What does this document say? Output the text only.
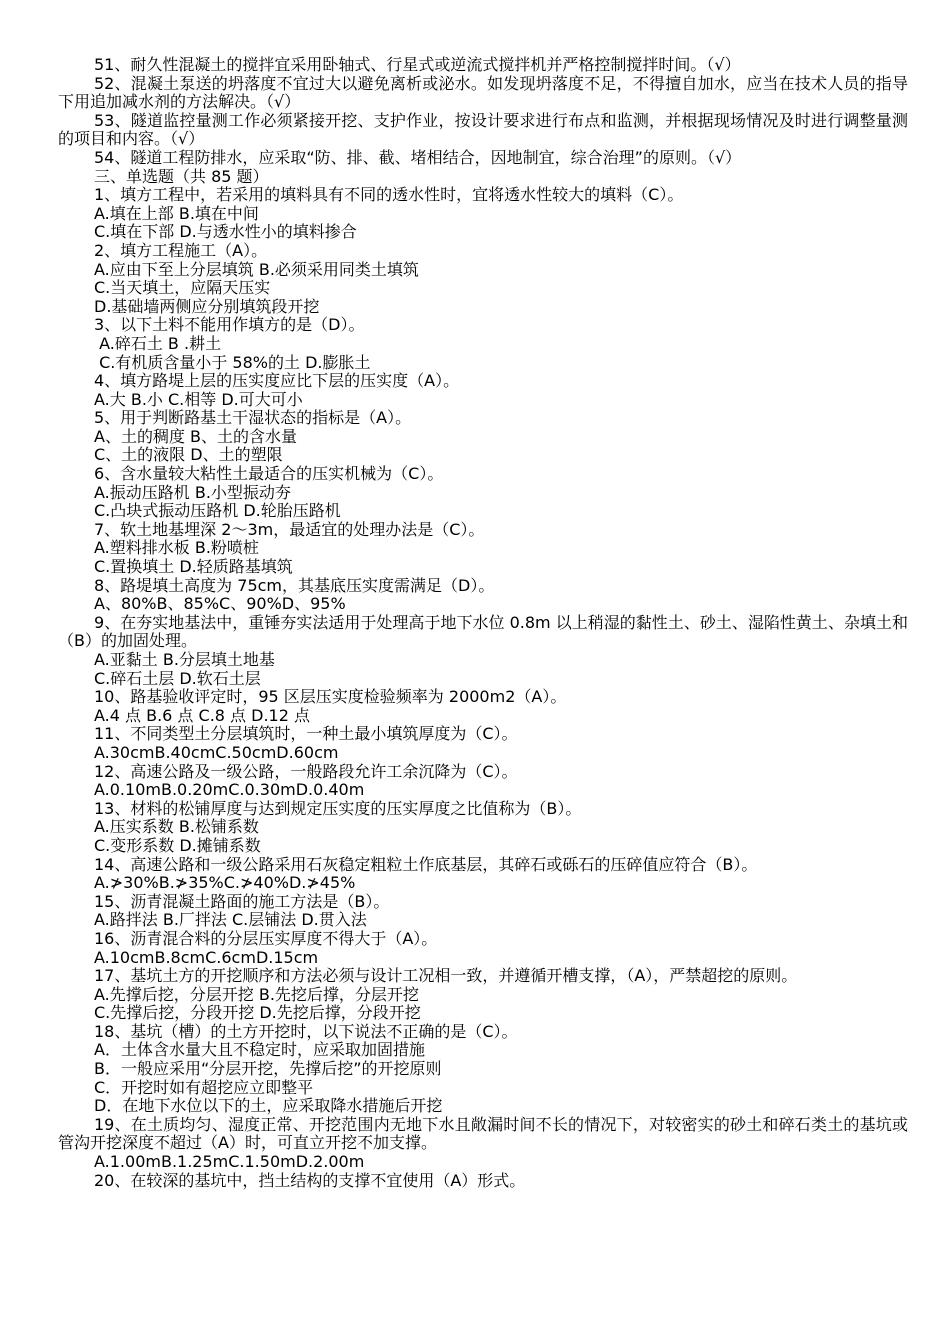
51、耐久性混凝土的搅拌宜采用卧轴式、行星式或逆流式搅拌机并严格控制搅拌时间。（√）
52、混凝土泵送的坍落度不宜过大以避免离析或泌水。如发现坍落度不足，不得擅自加水，应当在技术人员的指导下用追加减水剂的方法解决。（√）
53、隧道监控量测工作必须紧接开挖、支护作业，按设计要求进行布点和监测，并根据现场情况及时进行调整量测的项目和内容。（√）
54、隧道工程防排水，应采取“防、排、截、堵相结合，因地制宜，综合治理”的原则。（√）
三、单选题（共 85 题）
1、填方工程中，若采用的填料具有不同的透水性时，宜将透水性较大的填料（C）。
A.填在上部 B.填在中间
C.填在下部 D.与透水性小的填料掺合
2、填方工程施工（A）。
A.应由下至上分层填筑 B.必须采用同类土填筑
C.当天填土，应隔天压实
D.基础墙两侧应分别填筑段开挖
3、以下土料不能用作填方的是（D）。
A.碎石土 B .耕土
C.有机质含量小于 58%的土 D.膨胀土
4、填方路堤上层的压实度应比下层的压实度（A）。
A.大 B.小 C.相等 D.可大可小
5、用于判断路基土干湿状态的指标是（A）。
A、土的稠度 B、土的含水量
C、土的液限 D、土的塑限
6、含水量较大粘性土最适合的压实机械为（C）。
A.振动压路机 B.小型振动夯
C.凸块式振动压路机 D.轮胎压路机
7、软土地基埋深 2～3m，最适宜的处理办法是（C）。
A.塑料排水板 B.粉喷桩
C.置换填土 D.轻质路基填筑
8、路堤填土高度为 75cm，其基底压实度需满足（D）。
A、80%B、85%C、90%D、95%
9、在夯实地基法中，重锤夯实法适用于处理高于地下水位 0.8m 以上稍湿的黏性土、砂土、湿陷性黄土、杂填土和（B）的加固处理。
A.亚黏土 B.分层填土地基
C.碎石土层 D.软石土层
10、路基验收评定时，95 区层压实度检验频率为 2000m2（A）。
A.4 点 B.6 点 C.8 点 D.12 点
11、不同类型土分层填筑时，一种土最小填筑厚度为（C）。
A.30cmB.40cmC.50cmD.60cm
12、高速公路及一级公路，一般路段允许工余沉降为（C）。
A.0.10mB.0.20mC.0.30mD.0.40m
13、材料的松铺厚度与达到规定压实度的压实厚度之比值称为（B）。
A.压实系数 B.松铺系数
C.变形系数 D.摊铺系数
14、高速公路和一级公路采用石灰稳定粗粒土作底基层，其碎石或砾石的压碎值应符合（B）。
A.≯30%B.≯35%C.≯40%D.≯45%
15、沥青混凝土路面的施工方法是（B）。
A.路拌法 B.厂拌法 C.层铺法 D.贯入法
16、沥青混合料的分层压实厚度不得大于（A）。
A.10cmB.8cmC.6cmD.15cm
17、基坑土方的开挖顺序和方法必须与设计工况相一致，并遵循开槽支撑，（A），严禁超挖的原则。
A.先撑后挖，分层开挖 B.先挖后撑，分层开挖
C.先撑后挖，分段开挖 D.先挖后撑，分段开挖
18、基坑（槽）的土方开挖时，以下说法不正确的是（C）。
A．土体含水量大且不稳定时，应采取加固措施
B．一般应采用“分层开挖，先撑后挖”的开挖原则
C．开挖时如有超挖应立即整平
D．在地下水位以下的土，应采取降水措施后开挖
19、在土质均匀、湿度正常、开挖范围内无地下水且敞漏时间不长的情况下，对较密实的砂土和碎石类土的基坑或管沟开挖深度不超过（A）时，可直立开挖不加支撑。
A.1.00mB.1.25mC.1.50mD.2.00m
20、在较深的基坑中，挡土结构的支撑不宜使用（A）形式。
